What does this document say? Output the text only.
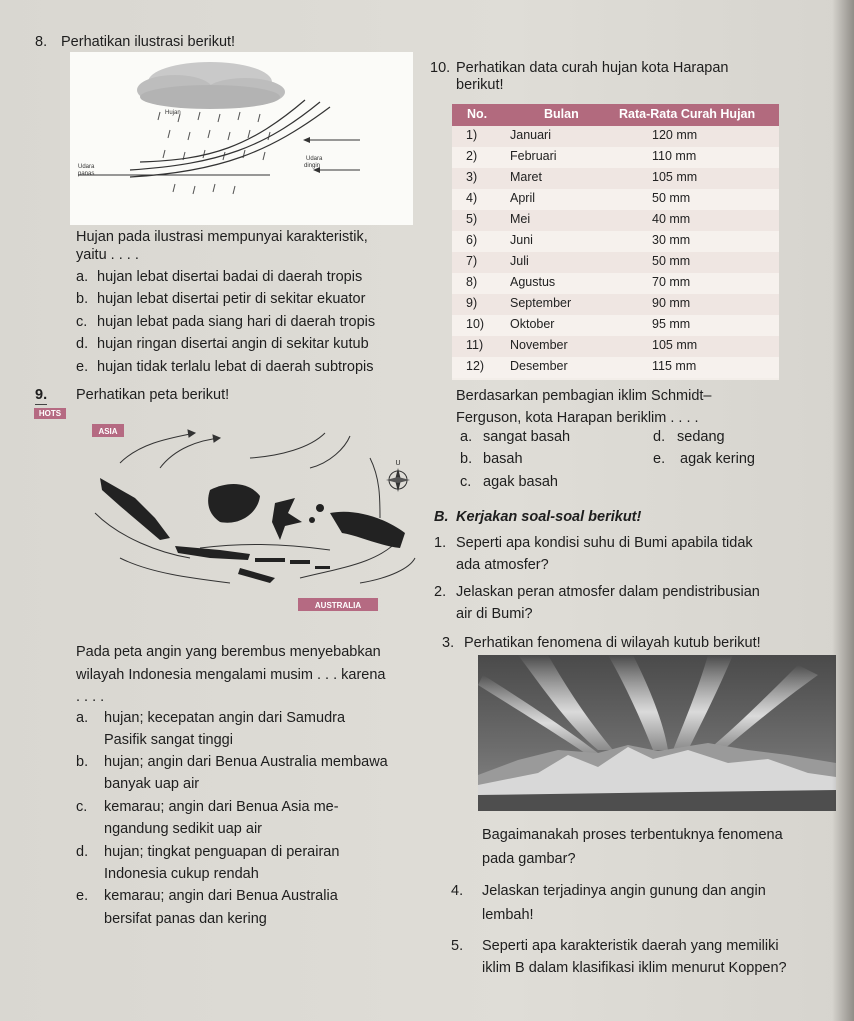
8. Perhatikan ilustrasi berikut!
Hujan
Udara
panas
Udara
dingin
Hujan pada ilustrasi mempunyai karakteristik,
yaitu . . . .
a. hujan lebat disertai badai di daerah tropis
b. hujan lebat disertai petir di sekitar ekuator
c. hujan lebat pada siang hari di daerah tropis
d. hujan ringan disertai angin di sekitar kutub
e. hujan tidak terlalu lebat di daerah subtropis
9.
HOTS
Perhatikan peta berikut!
ASIA
AUSTRALIA
U
Pada peta angin yang berembus menyebabkan
wilayah Indonesia mengalami musim . . . karena
. . . .
a. hujan; kecepatan angin dari Samudra
Pasifik sangat tinggi
b. hujan; angin dari Benua Australia membawa
banyak uap air
c. kemarau; angin dari Benua Asia me-
ngandung sedikit uap air
d. hujan; tingkat penguapan di perairan
Indonesia cukup rendah
e. kemarau; angin dari Benua Australia
bersifat panas dan kering
10. Perhatikan data curah hujan kota Harapan
berikut!
No.	Bulan	Rata-Rata Curah Hujan
1)	Januari	120 mm
2)	Februari	110 mm
3)	Maret	105 mm
4)	April	50 mm
5)	Mei	40 mm
6)	Juni	30 mm
7)	Juli	50 mm
8)	Agustus	70 mm
9)	September	90 mm
10) Oktober	95 mm
11) November	105 mm
12) Desember	115 mm
Berdasarkan pembagian iklim Schmidt–
Ferguson, kota Harapan beriklim . . . .
a. sangat basah
b. basah
c. agak basah
d. sedang
e. agak kering
B. Kerjakan soal-soal berikut!
1. Seperti apa kondisi suhu di Bumi apabila tidak
ada atmosfer?
2. Jelaskan peran atmosfer dalam pendistribusian
air di Bumi?
3. Perhatikan fenomena di wilayah kutub berikut!
Bagaimanakah proses terbentuknya fenomena
pada gambar?
4. Jelaskan terjadinya angin gunung dan angin
lembah!
5. Seperti apa karakteristik daerah yang memiliki
iklim B dalam klasifikasi iklim menurut Koppen?
